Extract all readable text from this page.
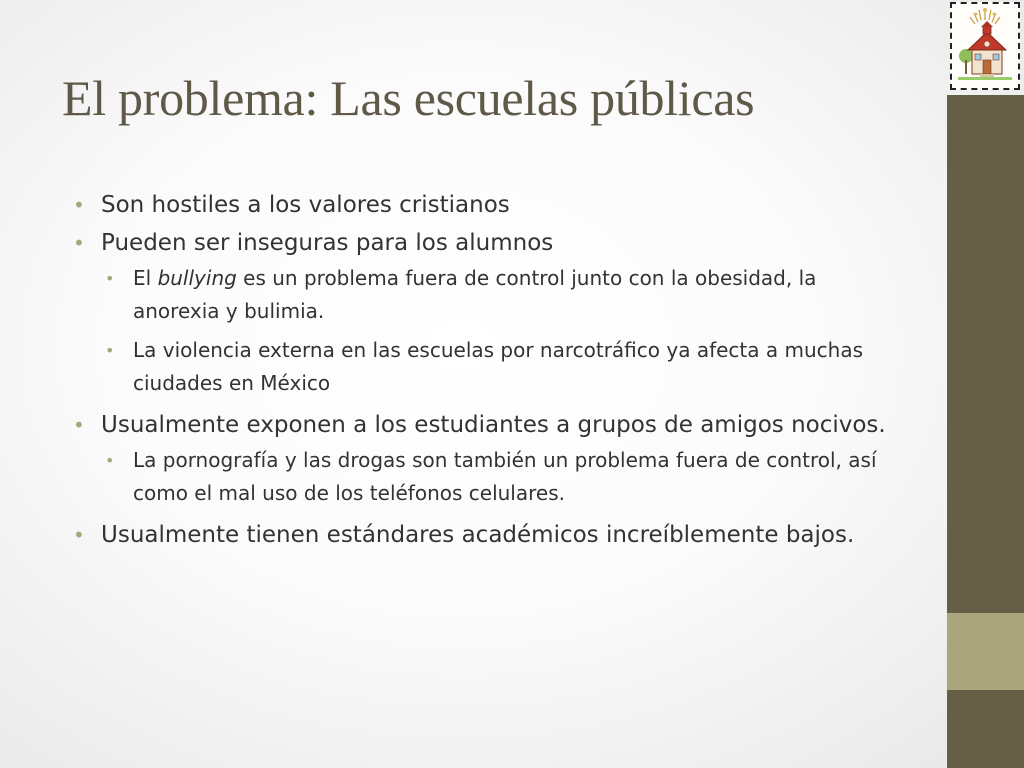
El problema: Las escuelas públicas
• Son hostiles a los valores cristianos
• Pueden ser inseguras para los alumnos
• El bullying es un problema fuera de control junto con la obesidad, la anorexia y bulimia.
• La violencia externa en las escuelas por narcotráfico ya afecta a muchas ciudades en México
• Usualmente exponen a los estudiantes a grupos de amigos nocivos.
• La pornografía y las drogas son también un problema fuera de control, así como el mal uso de los teléfonos celulares.
• Usualmente tienen estándares académicos increíblemente bajos.
